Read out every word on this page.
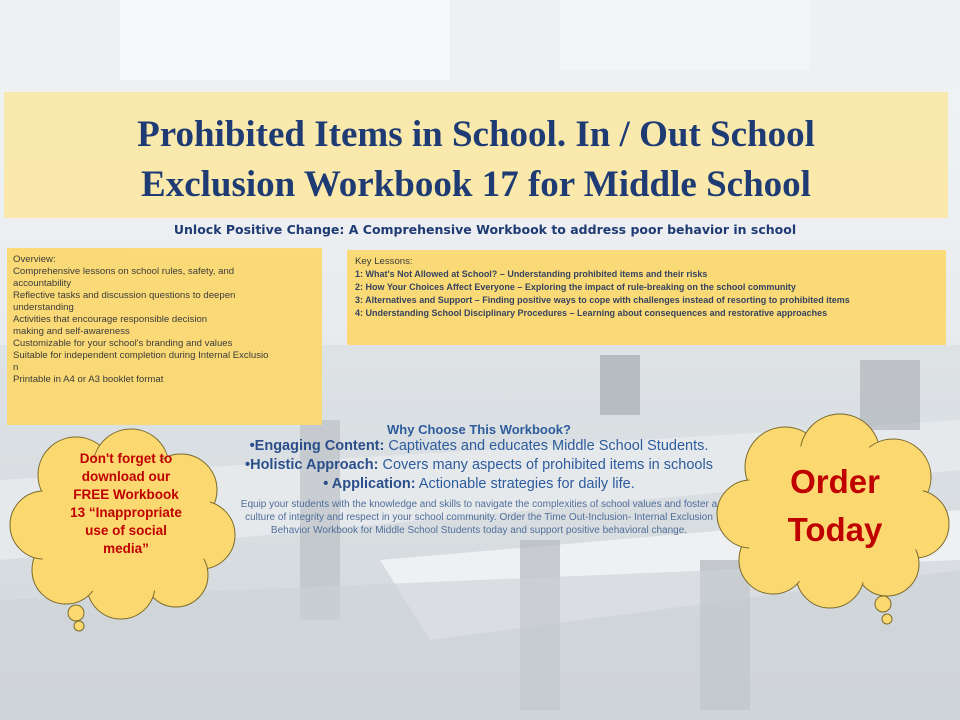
Prohibited Items in School. In / Out School
Exclusion Workbook 17 for Middle School
Unlock Positive Change: A Comprehensive Workbook to address poor behavior in school
Overview:
Comprehensive lessons on school rules, safety, and
accountability
Reflective tasks and discussion questions to deepen
understanding
Activities that encourage responsible decision
making and self-awareness
Customizable for your school's branding and values
Suitable for independent completion during Internal Exclusio
n
Printable in A4 or A3 booklet format
Key Lessons:
1: What's Not Allowed at School? – Understanding prohibited items and their risks
2: How Your Choices Affect Everyone – Exploring the impact of rule-breaking on the school community
3: Alternatives and Support – Finding positive ways to cope with challenges instead of resorting to prohibited items
4: Understanding School Disciplinary Procedures – Learning about consequences and restorative approaches
Why Choose This Workbook?
•Engaging Content: Captivates and educates Middle School Students.
•Holistic Approach: Covers many aspects of prohibited items in schools
• Application: Actionable strategies for daily life.
Equip your students with the knowledge and skills to navigate the complexities of school values and foster a culture of integrity and respect in your school community. Order the Time Out-Inclusion- Internal Exclusion Behavior Workbook for Middle School Students today and support positive behavioral change.
Don't forget to
download our
FREE Workbook
13 “Inappropriate
use of social
media”
Order
Today
